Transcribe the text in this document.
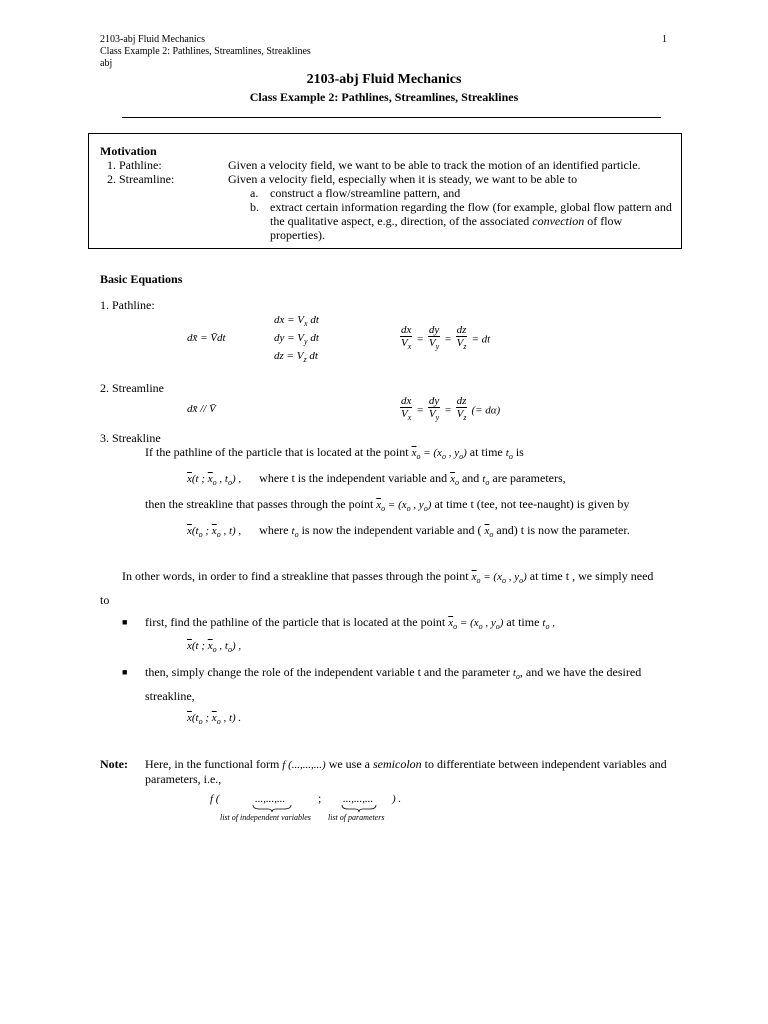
2103-abj Fluid Mechanics
Class Example 2: Pathlines, Streamlines, Streaklines
abj
1
2103-abj Fluid Mechanics
Class Example 2: Pathlines, Streamlines, Streaklines
Motivation
1. Pathline:	Given a velocity field, we want to be able to track the motion of an identified particle.
2. Streamline:	Given a velocity field, especially when it is steady, we want to be able to
a. construct a flow/streamline pattern, and
b. extract certain information regarding the flow (for example, global flow pattern and
the qualitative aspect, e.g., direction, of the associated convection of flow
properties).
Basic Equations
1. Pathline:
dx̄ = V̄dt
dx = $V_x$ dt
dy = $V_y$ dt
dz = $V_z$ dt
$\frac{dx}{V_x} = \frac{dy}{V_y} = \frac{dz}{V_z}$ = dt
2. Streamline
dx̄ // V̄	$\frac{dx}{V_x} = \frac{dy}{V_y} = \frac{dz}{V_z}$ (= dα)
3. Streakline
If the pathline of the particle that is located at the point $\overline{x}_o = (x_o$ , $y_o$) at time $t_o$ is
$\overline{x}(t$ ; $\overline{x}_o$ , $t_o$) , where t is the independent variable and $\overline{x}_o$ and $t_o$ are parameters,
then the streakline that passes through the point $\overline{x}_o = (x_o$ , $y_o$) at time t (tee, not tee-naught) is given by
$\overline{x}(t_o$ ; $\overline{x}_o$ , t) , where $t_o$ is now the independent variable and ( $\overline{x}_o$ and) t is now the parameter.
In other words, in order to find a streakline that passes through the point $\overline{x}_o = (x_o$ , $y_o$) at time t , we simply need
to
■ first, find the pathline of the particle that is located at the point $\overline{x}_o = (x_o$ , $y_o$) at time $t_o$ ,
$\overline{x}(t$ ; $\overline{x}_o$ , $t_o$) ,
■ then, simply change the role of the independent variable t and the parameter $t_o$, and we have the desired
streakline,
$\overline{x}(t_o$ ; $\overline{x}_o$ , t) .
Note: Here, in the functional form f (...,...,...) we use a semicolon to differentiate between independent variables and
parameters, i.e.,
f (	...,...,...	; ...,...,... ) .
list of independent variables list of parameters
